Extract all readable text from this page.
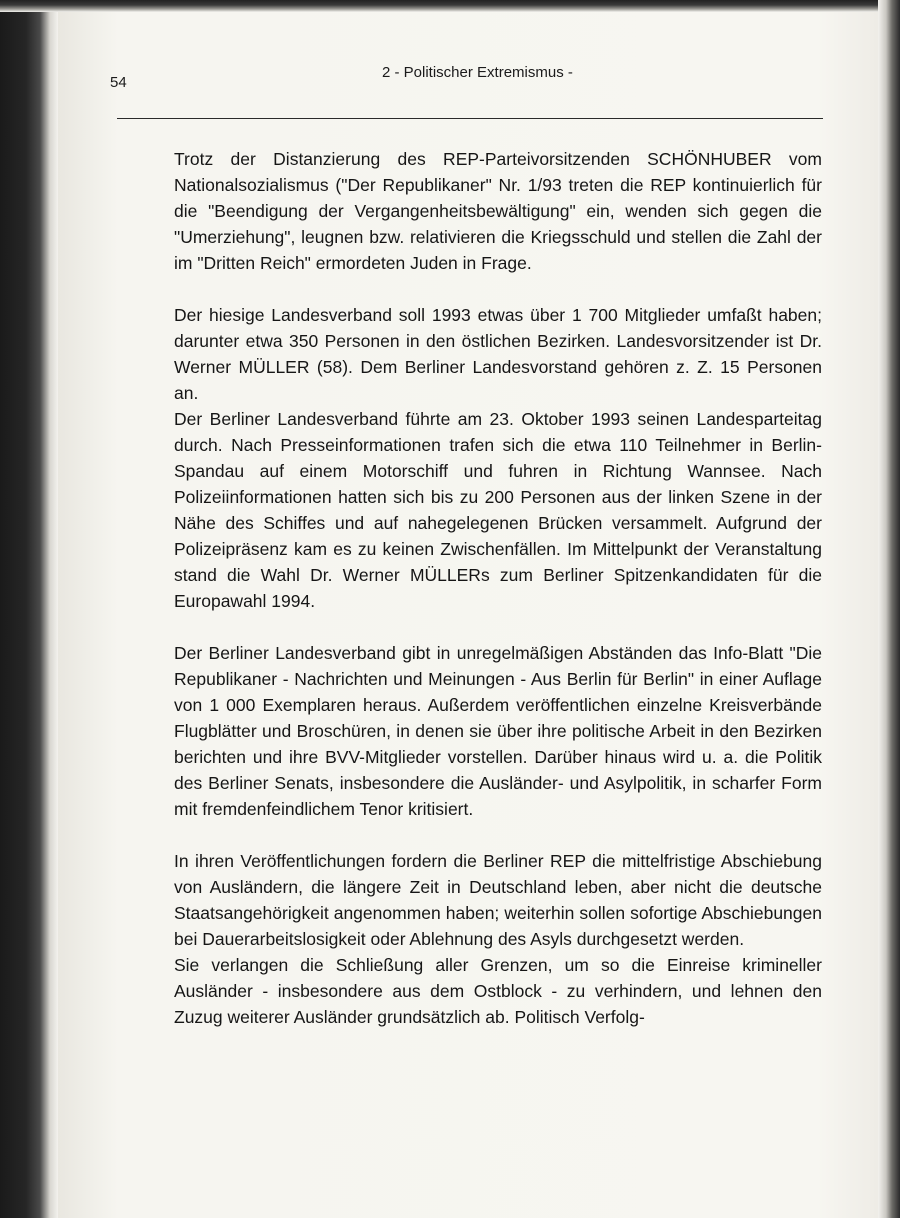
54
2 - Politischer Extremismus -

Trotz der Distanzierung des REP-Parteivorsitzenden SCHÖNHUBER vom Nationalsozialismus ("Der Republikaner" Nr. 1/93 treten die REP kontinuierlich für die "Beendigung der Vergangenheitsbewältigung" ein, wenden sich gegen die "Umerziehung", leugnen bzw. relativieren die Kriegsschuld und stellen die Zahl der im "Dritten Reich" ermordeten Juden in Frage.

Der hiesige Landesverband soll 1993 etwas über 1 700 Mitglieder umfaßt haben; darunter etwa 350 Personen in den östlichen Bezirken. Landesvorsitzender ist Dr. Werner MÜLLER (58). Dem Berliner Landesvorstand gehören z. Z. 15 Personen an.

Der Berliner Landesverband führte am 23. Oktober 1993 seinen Landesparteitag durch. Nach Presseinformationen trafen sich die etwa 110 Teilnehmer in Berlin-Spandau auf einem Motorschiff und fuhren in Richtung Wannsee. Nach Polizeiinformationen hatten sich bis zu 200 Personen aus der linken Szene in der Nähe des Schiffes und auf nahegelegenen Brücken versammelt. Aufgrund der Polizeipräsenz kam es zu keinen Zwischenfällen. Im Mittelpunkt der Veranstaltung stand die Wahl Dr. Werner MÜLLERs zum Berliner Spitzenkandidaten für die Europawahl 1994.

Der Berliner Landesverband gibt in unregelmäßigen Abständen das Info-Blatt "Die Republikaner - Nachrichten und Meinungen - Aus Berlin für Berlin" in einer Auflage von 1 000 Exemplaren heraus. Außerdem veröffentlichen einzelne Kreisverbände Flugblätter und Broschüren, in denen sie über ihre politische Arbeit in den Bezirken berichten und ihre BVV-Mitglieder vorstellen. Darüber hinaus wird u. a. die Politik des Berliner Senats, insbesondere die Ausländer- und Asylpolitik, in scharfer Form mit fremdenfeindlichem Tenor kritisiert.

In ihren Veröffentlichungen fordern die Berliner REP die mittelfristige Abschiebung von Ausländern, die längere Zeit in Deutschland leben, aber nicht die deutsche Staatsangehörigkeit angenommen haben; weiterhin sollen sofortige Abschiebungen bei Dauerarbeitslosigkeit oder Ablehnung des Asyls durchgesetzt werden.

Sie verlangen die Schließung aller Grenzen, um so die Einreise krimineller Ausländer - insbesondere aus dem Ostblock - zu verhindern, und lehnen den Zuzug weiterer Ausländer grundsätzlich ab. Politisch Verfolg-
